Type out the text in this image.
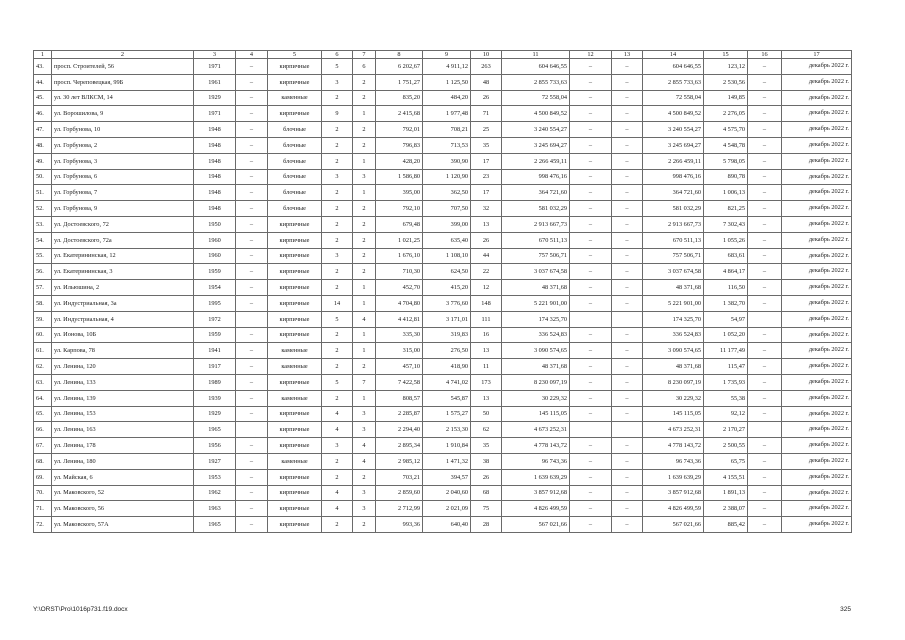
1	2	3	4	5	6	7	8	9	10	11	12	13	14	15	16	17
43.	просп. Строителей, 56	1971	–	кирпичные	5	6	6 202,67	4 911,12	263	604 646,55	–	–	604 646,55	123,12	–	декабрь 2022 г.
44.	просп. Череповецкая, 99Б	1961	–	кирпичные	3	2	1 751,27	1 125,50	48	2 855 733,63	–	–	2 855 733,63	2 530,56	–	декабрь 2022 г.
45.	ул. 30 лет ВЛКСМ, 14	1929	–	каменные	2	2	835,20	484,20	26	72 558,04	–	–	72 558,04	149,85	–	декабрь 2022 г.
46.	ул. Ворошилова, 9	1971	–	кирпичные	9	1	2 415,68	1 977,48	71	4 500 849,52	–	–	4 500 849,52	2 276,05	–	декабрь 2022 г.
47.	ул. Горбунова, 10	1948	–	блочные	2	2	792,01	708,21	25	3 240 554,27	–	–	3 240 554,27	4 575,70	–	декабрь 2022 г.
48.	ул. Горбунова, 2	1948	–	блочные	2	2	796,83	713,53	35	3 245 694,27	–	–	3 245 694,27	4 548,78	–	декабрь 2022 г.
49.	ул. Горбунова, 3	1948	–	блочные	2	1	428,20	390,90	17	2 266 459,11	–	–	2 266 459,11	5 798,05	–	декабрь 2022 г.
50.	ул. Горбунова, 6	1948	–	блочные	3	3	1 586,80	1 120,90	23	998 476,16	–	–	998 476,16	890,78	–	декабрь 2022 г.
51.	ул. Горбунова, 7	1948	–	блочные	2	1	395,00	362,50	17	364 721,60	–	–	364 721,60	1 006,13	–	декабрь 2022 г.
52.	ул. Горбунова, 9	1948	–	блочные	2	2	792,10	707,50	32	581 032,29	–	–	581 032,29	821,25	–	декабрь 2022 г.
53.	ул. Достоевского, 72	1950	–	кирпичные	2	2	679,48	399,00	13	2 913 667,73	–	–	2 913 667,73	7 302,43	–	декабрь 2022 г.
54.	ул. Достоевского, 72а	1960	–	кирпичные	2	2	1 021,25	635,40	26	670 511,13	–	–	670 511,13	1 055,26	–	декабрь 2022 г.
55.	ул. Екатерининская, 12	1960	–	кирпичные	3	2	1 676,10	1 108,10	44	757 506,71	–	–	757 506,71	683,61	–	декабрь 2022 г.
56.	ул. Екатерининская, 3	1959	–	кирпичные	2	2	710,30	624,50	22	3 037 674,58	–	–	3 037 674,58	4 864,17	–	декабрь 2022 г.
57.	ул. Ильюшина, 2	1954	–	кирпичные	2	1	452,70	415,20	12	48 371,68	–	–	48 371,68	116,50	–	декабрь 2022 г.
58.	ул. Индустриальная, 3а	1995	–	кирпичные	14	1	4 704,80	3 776,60	148	5 221 901,00	–	–	5 221 901,00	1 382,70	–	декабрь 2022 г.
59.	ул. Индустриальная, 4	1972		кирпичные	5	4	4 412,81	3 171,01	111	174 325,70			174 325,70	54,97		декабрь 2022 г.
60.	ул. Ионова, 10Б	1959	–	кирпичные	2	1	335,30	319,83	16	336 524,83	–	–	336 524,83	1 052,20	–	декабрь 2022 г.
61.	ул. Карпова, 78	1941	–	каменные	2	1	315,00	276,50	13	3 090 574,65	–	–	3 090 574,65	11 177,49	–	декабрь 2022 г.
62.	ул. Ленина, 120	1917	–	каменные	2	2	457,10	418,90	11	48 371,68	–	–	48 371,68	115,47	–	декабрь 2022 г.
63.	ул. Ленина, 133	1989	–	кирпичные	5	7	7 422,58	4 741,02	173	8 230 097,19	–	–	8 230 097,19	1 735,93	–	декабрь 2022 г.
64.	ул. Ленина, 139	1939	–	каменные	2	1	808,57	545,87	13	30 229,32	–	–	30 229,32	55,38	–	декабрь 2022 г.
65.	ул. Ленина, 153	1929	–	кирпичные	4	3	2 285,87	1 575,27	50	145 115,05	–	–	145 115,05	92,12	–	декабрь 2022 г.
66.	ул. Ленина, 163	1965		кирпичные	4	3	2 294,40	2 153,30	62	4 673 252,31			4 673 252,31	2 170,27		декабрь 2022 г.
67.	ул. Ленина, 178	1956	–	кирпичные	3	4	2 895,34	1 910,84	35	4 778 143,72	–	–	4 778 143,72	2 500,55	–	декабрь 2022 г.
68.	ул. Ленина, 180	1927	–	каменные	2	4	2 985,12	1 471,32	38	96 743,36	–	–	96 743,36	65,75	–	декабрь 2022 г.
69.	ул. Майская, 6	1953	–	кирпичные	2	2	703,21	394,57	26	1 639 639,29	–	–	1 639 639,29	4 155,51	–	декабрь 2022 г.
70.	ул. Маковского, 52	1962	–	кирпичные	4	3	2 859,60	2 040,60	68	3 857 912,68	–	–	3 857 912,68	1 891,13	–	декабрь 2022 г.
71.	ул. Маковского, 56	1963	–	кирпичные	4	3	2 712,99	2 021,09	75	4 826 499,59	–	–	4 826 499,59	2 388,07	–	декабрь 2022 г.
72.	ул. Маковского, 57А	1965	–	кирпичные	2	2	993,36	640,40	28	567 021,66	–	–	567 021,66	885,42	–	декабрь 2022 г.
Y:\ORST\Pro\1016p731.f19.docx	325
